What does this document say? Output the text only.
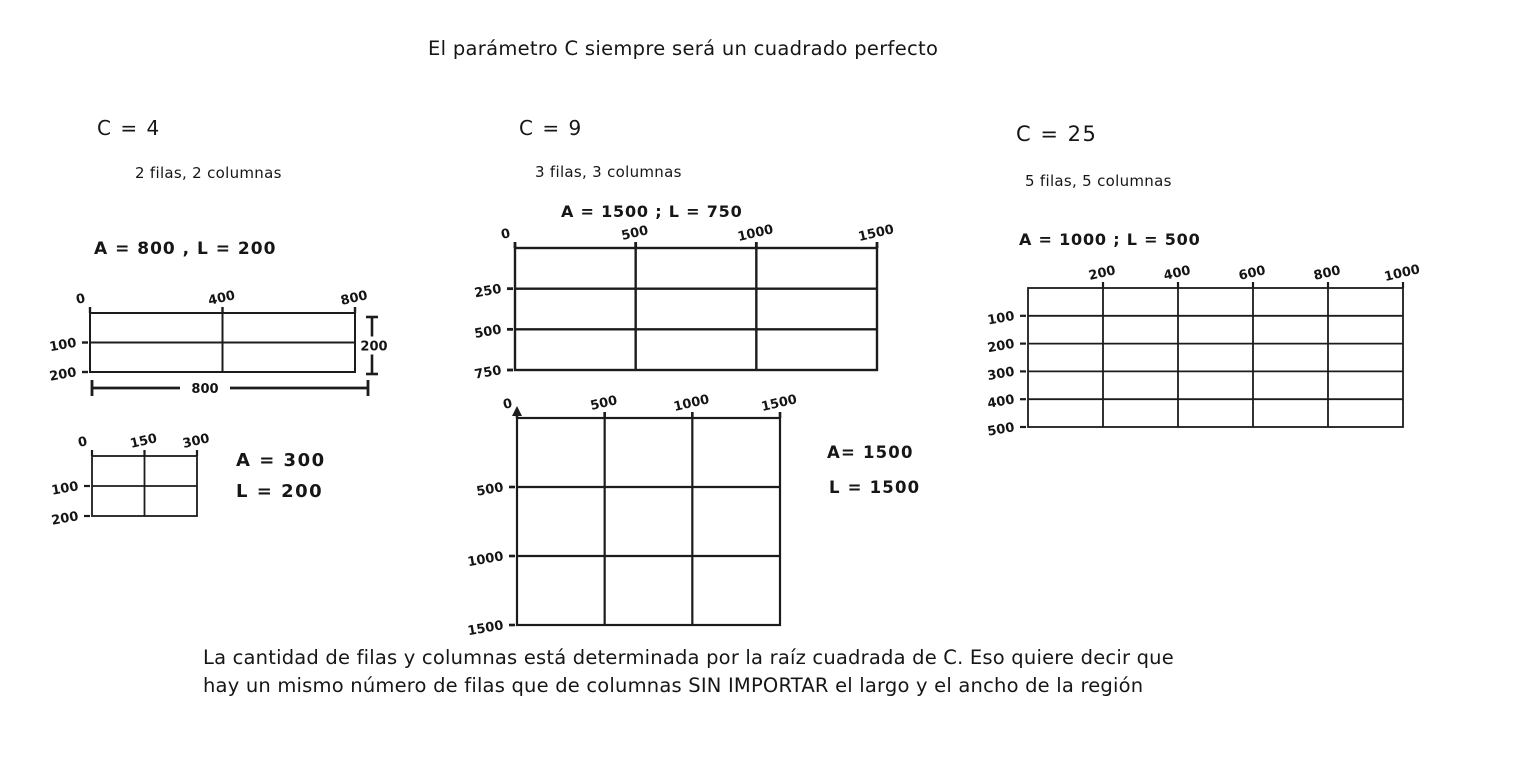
El parámetro C siempre será un cuadrado perfecto
C = 4
2 filas, 2 columnas
A = 800 , L = 200
A = 300
L = 200
C = 9
3 filas, 3 columnas
A = 1500 ; L = 750
A= 1500
L = 1500
C = 25
5 filas, 5 columnas
A = 1000 ; L = 500
La cantidad de filas y columnas está determinada por la raíz cuadrada de C. Eso quiere decir que
hay un mismo número de filas que de columnas SIN IMPORTAR el largo y el ancho de la región
0	400	800
100
200
200
800
0	150 300
100
200
0	500	1000	1500
250
500
750
0	500	1000	1500
500
1000
1500
200	400	600	800	1000
100
200
300
400
500
